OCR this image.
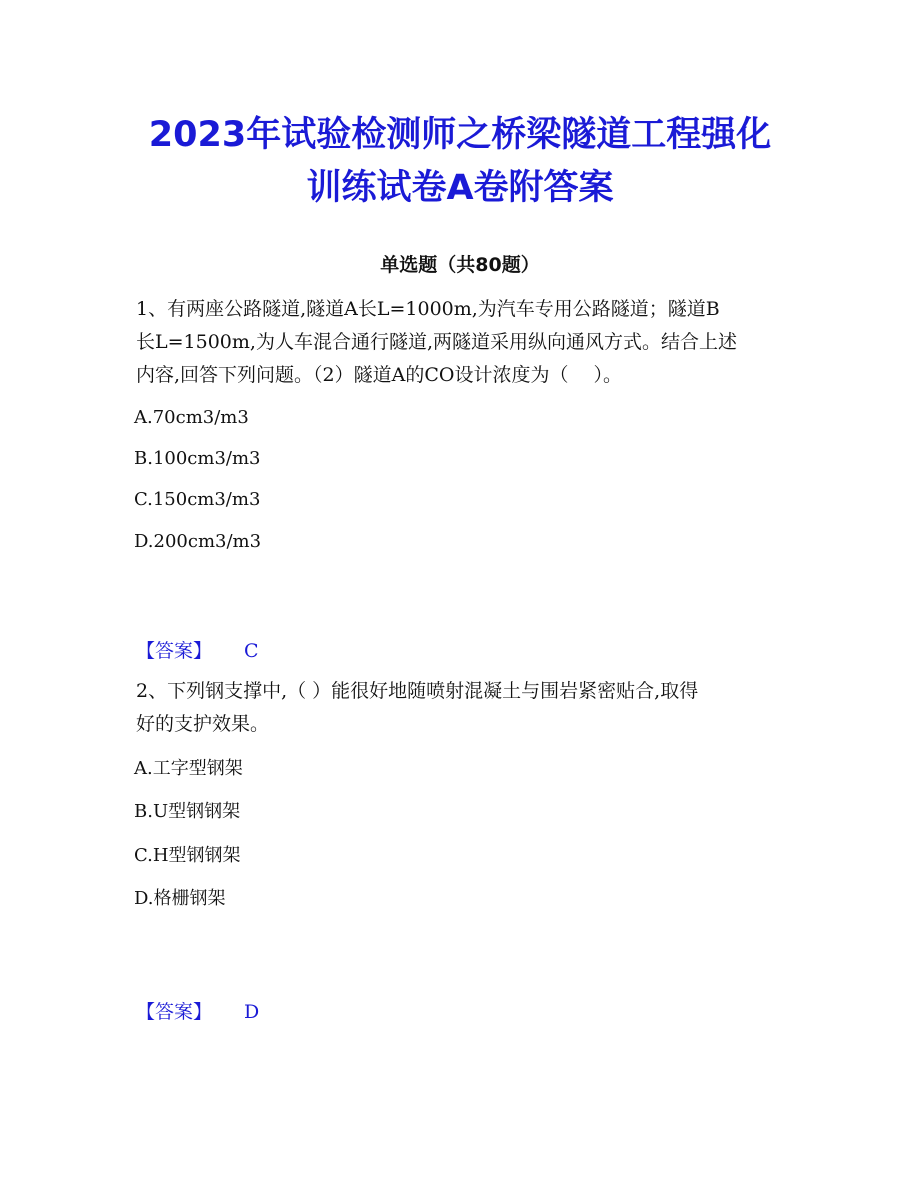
2023年试验检测师之桥梁隧道工程强化
训练试卷A卷附答案
单选题（共80题）
1、有两座公路隧道,隧道A长L=1000m,为汽车专用公路隧道；隧道B
长L=1500m,为人车混合通行隧道,两隧道采用纵向通风方式。结合上述
内容,回答下列问题。（2）隧道A的CO设计浓度为（　 ）。
A.70cm3/m3
B.100cm3/m3
C.150cm3/m3
D.200cm3/m3
【答案】 C
2、下列钢支撑中,（ ）能很好地随喷射混凝土与围岩紧密贴合,取得
好的支护效果。
A.工字型钢架
B.U型钢钢架
C.H型钢钢架
D.格栅钢架
【答案】 D
